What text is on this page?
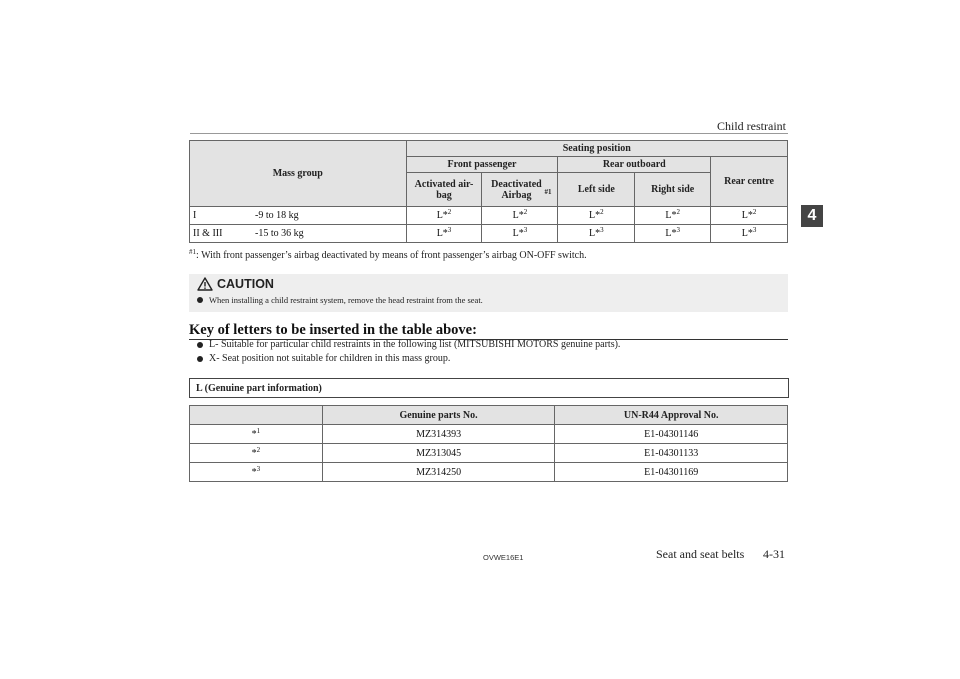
Child restraint
4
Mass group	Seating position				
	Front passenger		Rear outboard		Rear centre
	Activated air-bag	Deactivated Airbag $^{\#1}$	Left side	Right side	
I -9 to 18 kg	L*$^2$	L*$^2$	L*$^2$	L*$^2$	L*$^2$
II & III -15 to 36 kg	L*$^3$	L*$^3$	L*$^3$	L*$^3$	L*$^3$
$^{\#1}$: With front passenger’s airbag deactivated by means of front passenger’s airbag ON-OFF switch.
CAUTION
When installing a child restraint system, remove the head restraint from the seat.
Key of letters to be inserted in the table above:
L- Suitable for particular child restraints in the following list (MITSUBISHI MOTORS genuine parts).
X- Seat position not suitable for children in this mass group.
L (Genuine part information)
	Genuine parts No.	UN-R44 Approval No.
*$^1$	MZ314393	E1-04301146
*$^2$	MZ313045	E1-04301133
*$^3$	MZ314250	E1-04301169
OVWE16E1	Seat and seat belts 4-31
